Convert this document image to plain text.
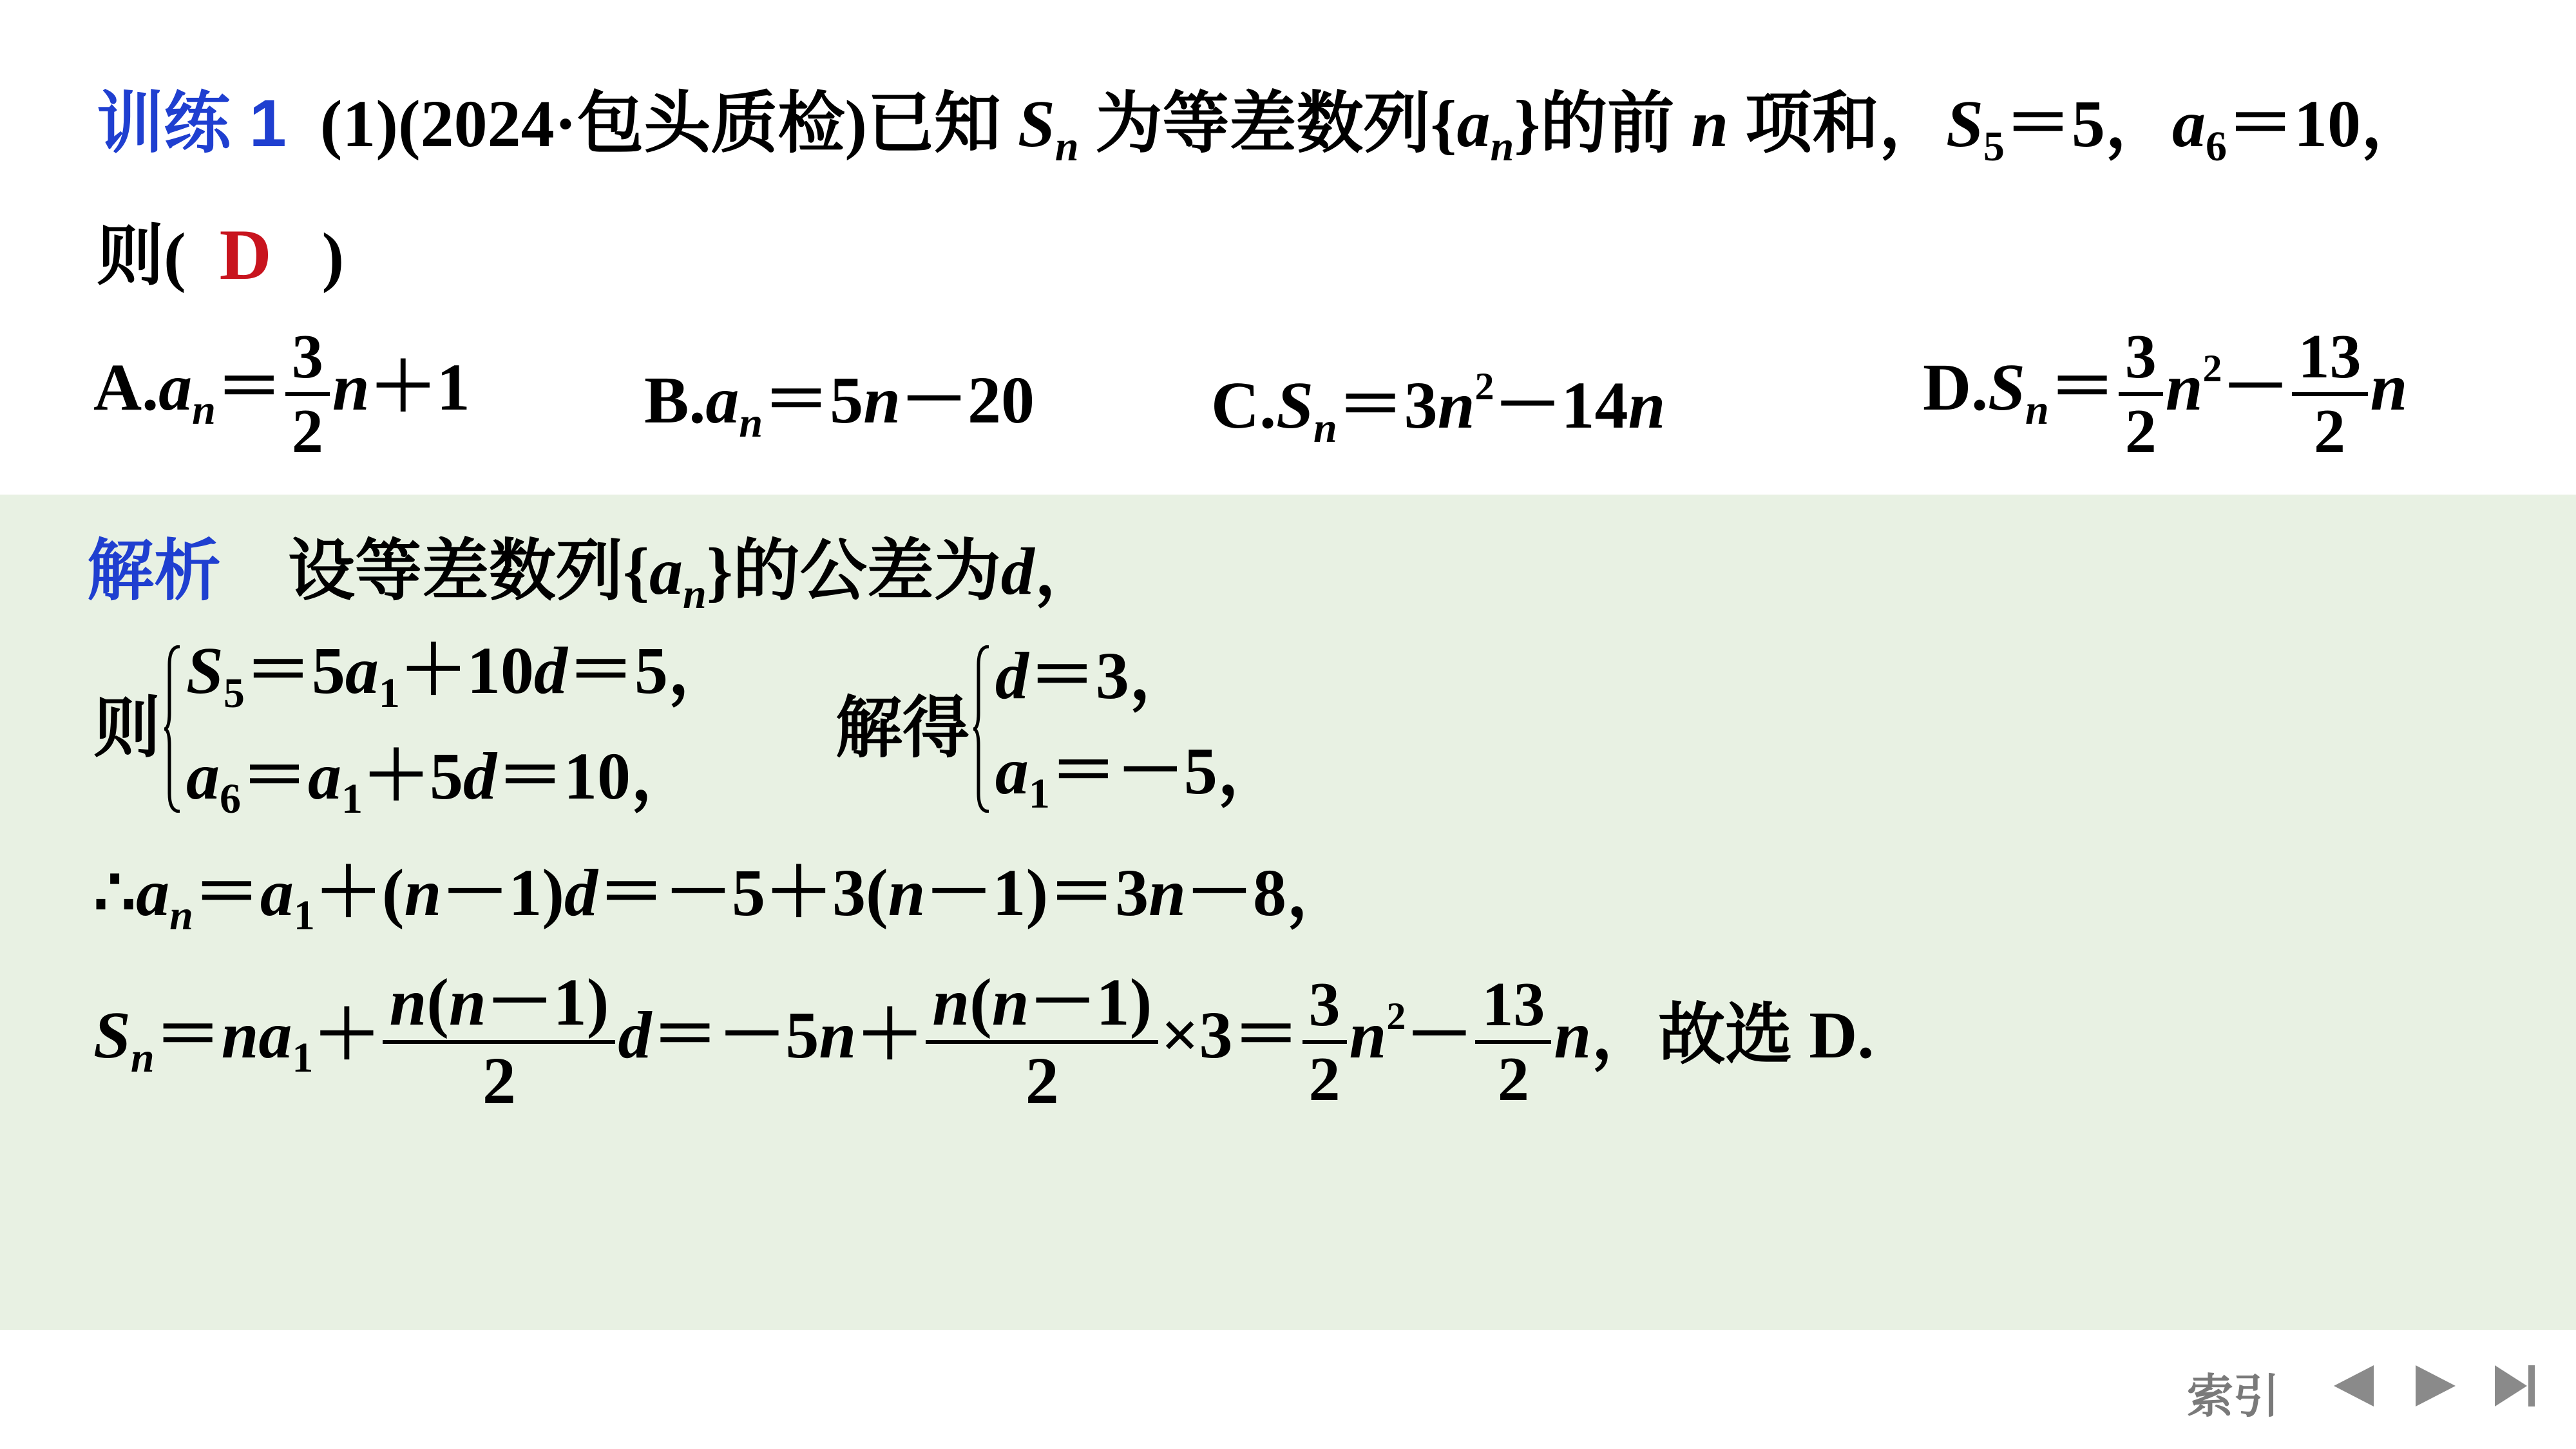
训练 1 (1)(2024·包头质检)已知 $S_n$ 为等差数列$\{a_n\}$的前 n 项和，$S_5=5$，$a_6=10$，
则( D )
$A.a_n= \frac{3}{2} n+1$	$B.a_n=5n-20$	$C.S_n=3n^2-14n$	$D.S_n= \frac{3}{2} n^2- \frac{13}{2}$ n
解析 设等差数列$\{a_n\}$的公差为d，
则
$S_5=5a_1+10d=5$，
$a_6=a_1+5d=10$，

解得
d＝3，
$a_1=-5$，
$\therefore a_n=a_1+(n-1)d=-5+3(n-1)=3n-8$，
$S_n=na_1+ \frac{n(n-1)}{2} d=-5n+ \frac{n(n-1)}{2} \times 3= \frac{3}{2} n^2- \frac{13}{2}$ n，故选 D.
索引
